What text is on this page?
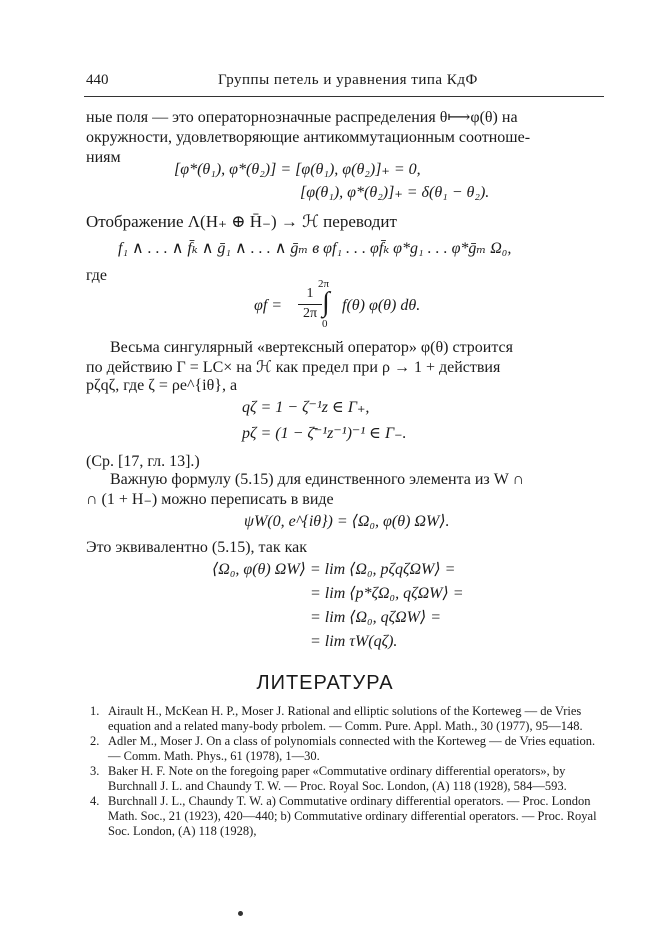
440	Группы петель и уравнения типа КдФ
ные поля — это операторнозначные распределения θ⟼φ(θ) на
окружности, удовлетворяющие антикоммутационным соотноше-
ниям
[φ*(θ₁), φ*(θ₂)] = [φ(θ₁), φ(θ₂)]₊ = 0,
[φ(θ₁), φ*(θ₂)]₊ = δ(θ₁ − θ₂).
Отображение Λ(H₊ ⊕ H̄₋) → ℋ переводит
f₁ ∧ . . . ∧ f̄ₖ ∧ ḡ₁ ∧ . . . ∧ ḡₘ в φf₁ . . . φf̄ₖ φ*g₁ . . . φ*ḡₘ Ω₀,
где
φf =
1
2π
2π
∫
0
f(θ) φ(θ) dθ.
Весьма сингулярный «вертексный оператор» φ(θ) строится
по действию Γ = LC× на ℋ как предел при ρ → 1 + действия
pζqζ, где ζ = ρe^{iθ}, а
qζ = 1 − ζ⁻¹z ∈ Γ₊,
pζ = (1 − ζ̄⁻¹z⁻¹)⁻¹ ∈ Γ₋.
(Ср. [17, гл. 13].)
Важную формулу (5.15) для единственного элемента из W ∩
∩ (1 + H₋) можно переписать в виде
ψW(0, e^{iθ}) = ⟨Ω₀, φ(θ) ΩW⟩.
Это эквивалентно (5.15), так как
⟨Ω₀, φ(θ) ΩW⟩ = lim ⟨Ω₀, pζqζΩW⟩ =
= lim ⟨p*ζΩ₀, qζΩW⟩ =
= lim ⟨Ω₀, qζΩW⟩ =
= lim τW(qζ).
ЛИТЕРАТУРА
1. Airault H., McKean H. P., Moser J. Rational and elliptic solutions of the Korteweg — de Vries equation and a related many-body prbolem. — Comm. Pure. Appl. Math., 30 (1977), 95—148.
2. Adler M., Moser J. On a class of polynomials connected with the Korteweg — de Vries equation. — Comm. Math. Phys., 61 (1978), 1—30.
3. Baker H. F. Note on the foregoing paper «Commutative ordinary differential operators», by Burchnall J. L. and Chaundy T. W. — Proc. Royal Soc. London, (A) 118 (1928), 584—593.
4. Burchnall J. L., Chaundy T. W. a) Commutative ordinary differential operators. — Proc. London Math. Soc., 21 (1923), 420—440; b) Commutative ordinary differential operators. — Proc. Royal Soc. London, (A) 118 (1928),
